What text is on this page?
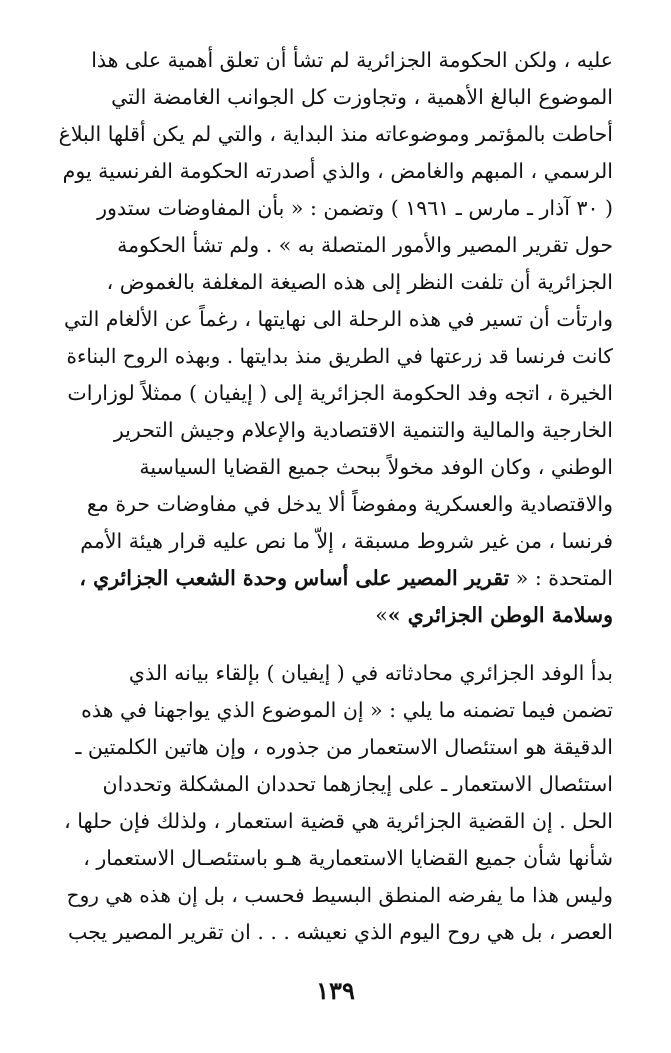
عليه ، ولكن الحكومة الجزائرية لم تشأ أن تعلق أهمية على هذا
الموضوع البالغ الأهمية ، وتجاوزت كل الجوانب الغامضة التي
أحاطت بالمؤتمر وموضوعاته منذ البداية ، والتي لم يكن أقلها البلاغ
الرسمي ، المبهم والغامض ، والذي أصدرته الحكومة الفرنسية يوم
( ٣٠ آذار ـ مارس ـ ١٩٦١ ) وتضمن : « بأن المفاوضات ستدور
حول تقرير المصير والأمور المتصلة به » . ولم تشأ الحكومة
الجزائرية أن تلفت النظر إلى هذه الصيغة المغلفة بالغموض ،
وارتأت أن تسير في هذه الرحلة الى نهايتها ، رغماً عن الألغام التي
كانت فرنسا قد زرعتها في الطريق منذ بدايتها . وبهذه الروح البناءة
الخيرة ، اتجه وفد الحكومة الجزائرية إلى ( إيفيان ) ممثلاً لوزارات
الخارجية والمالية والتنمية الاقتصادية والإعلام وجيش التحرير
الوطني ، وكان الوفد مخولاً ببحث جميع القضايا السياسية
والاقتصادية والعسكرية ومفوضاً ألا يدخل في مفاوضات حرة مع
فرنسا ، من غير شروط مسبقة ، إلاّ ما نص عليه قرار هيئة الأمم
المتحدة : « تقرير المصير على أساس وحدة الشعب الجزائري ،
وسلامة الوطن الجزائري »»
بدأ الوفد الجزائري محادثاته في ( إيفيان ) بإلقاء بيانه الذي
تضمن فيما تضمنه ما يلي : « إن الموضوع الذي يواجهنا في هذه
الدقيقة هو استئصال الاستعمار من جذوره ، وإن هاتين الكلمتين ـ
استئصال الاستعمار ـ على إيجازهما تحددان المشكلة وتحددان
الحل . إن القضية الجزائرية هي قضية استعمار ، ولذلك فإن حلها ،
شأنها شأن جميع القضايا الاستعمارية هـو باستئصـال الاستعمار ،
وليس هذا ما يفرضه المنطق البسيط فحسب ، بل إن هذه هي روح
العصر ، بل هي روح اليوم الذي نعيشه . . . ان تقرير المصير يجب
١٣٩
